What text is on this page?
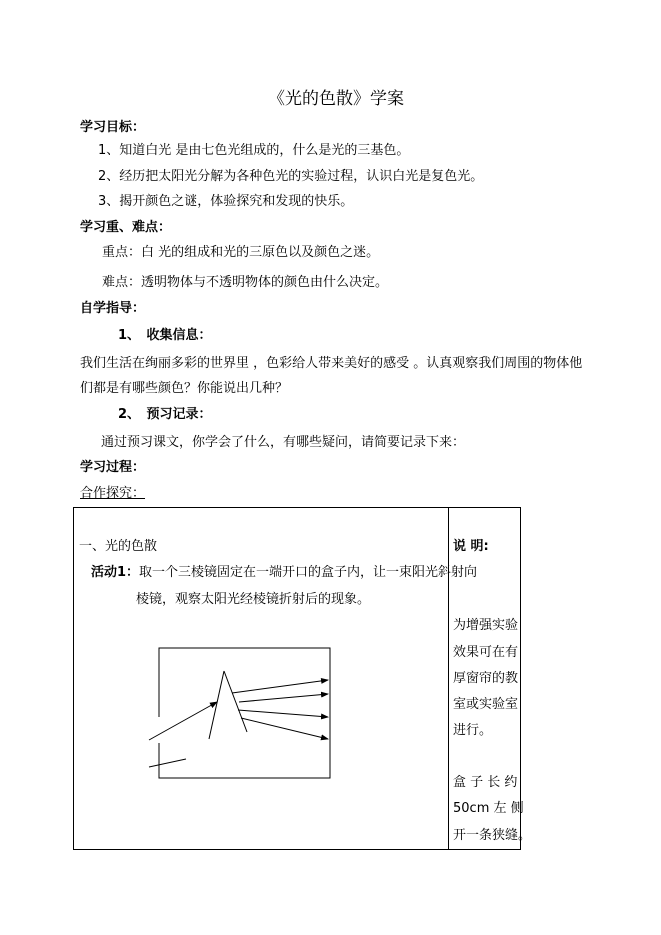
《光的色散》学案
学习目标：
1、知道白光 是由七色光组成的，什么是光的三基色。
2、经历把太阳光分解为各种色光的实验过程，认识白光是复色光。
3、揭开颜色之谜，体验探究和发现的快乐。
学习重、难点：
重点：白 光的组成和光的三原色以及颜色之迷。
难点：透明物体与不透明物体的颜色由什么决定。
自学指导：
1、　收集信息：
我们生活在绚丽多彩的世界里 ，色彩给人带来美好的感受 。认真观察我们周围的物体他
们都是有哪些颜色？你能说出几种？
2、　预习记录：
通过预习课文，你学会了什么，有哪些疑问，请简要记录下来：
学习过程：
合作探究：
一、光的色散
活动1：取一个三棱镜固定在一端开口的盒子内，让一束阳光斜射向
棱镜，观察太阳光经棱镜折射后的现象。
说 明:
为增强实验
效果可在有
厚窗帘的教
室或实验室
进行。
盒 子 长 约
50cm 左 侧
开一条狭缝。
